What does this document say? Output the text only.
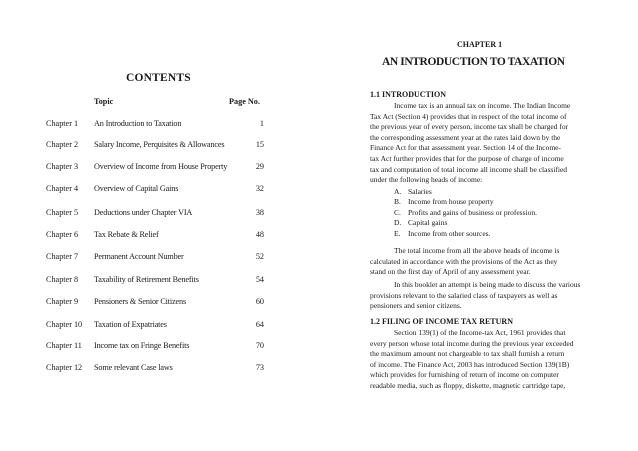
CONTENTS
Topic	Page No.
Chapter 1 An Introduction to Taxation	1
Chapter 2 Salary Income, Perquisites & Allowances	15
Chapter 3 Overview of Income from House Property	29
Chapter 4 Overview of Capital Gains	32
Chapter 5 Deductions under Chapter VIA	38
Chapter 6 Tax Rebate & Relief	48
Chapter 7 Permanent Account Number	52
Chapter 8 Taxability of Retirement Benefits	54
Chapter 9 Pensioners & Senior Citizens	60
Chapter 10 Taxation of Expatriates	64
Chapter 11 Income tax on Fringe Benefits	70
Chapter 12 Some relevant Case laws	73
CHAPTER 1
AN INTRODUCTION TO TAXATION
1.1 INTRODUCTION
Income tax is an annual tax on income. The Indian Income
Tax Act (Section 4) provides that in respect of the total income of
the previous year of every person, income tax shall be charged for
the corresponding assessment year at the rates laid down by the
Finance Act for that assessment year. Section 14 of the Income-
tax Act further provides that for the purpose of charge of income
tax and computation of total income all income shall be classified
under the following heads of income:
A. Salaries
B. Income from house property
C. Profits and gains of business or profession.
D. Capital gains
E. Income from other sources.
The total income from all the above heads of income is
calculated in accordance with the provisions of the Act as they
stand on the first day of April of any assessment year.
In this booklet an attempt is being made to discuss the various
provisions relevant to the salaried class of taxpayers as well as
pensioners and senior citizens.
1.2 FILING OF INCOME TAX RETURN
Section 139(1) of the Income-tax Act, 1961 provides that
every person whose total income during the previous year exceeded
the maximum amount not chargeable to tax shall furnish a return
of income. The Finance Act, 2003 has introduced Section 139(1B)
which provides for furnishing of return of income on computer
readable media, such as floppy, diskette, magnetic cartridge tape,
